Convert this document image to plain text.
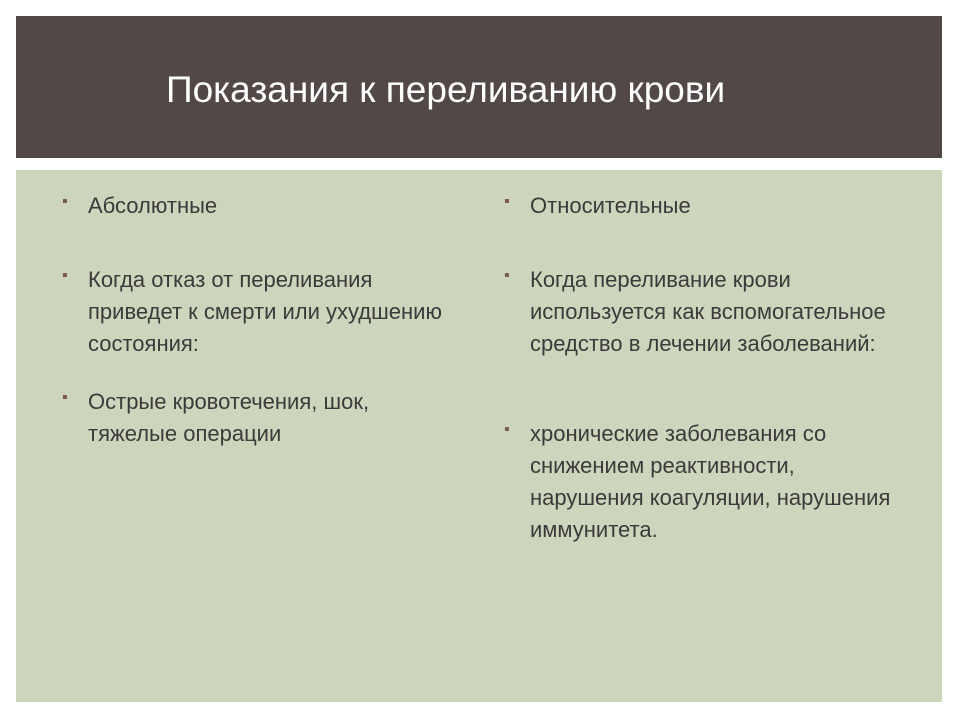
Показания к переливанию крови
▪ Абсолютные
▪ Когда отказ от переливания приведет к смерти или ухудшению состояния:
▪ Острые кровотечения, шок, тяжелые операции
▪ Относительные
▪ Когда переливание крови используется как вспомогательное средство в лечении заболеваний:
▪ хронические заболевания со снижением реактивности, нарушения коагуляции, нарушения иммунитета.
